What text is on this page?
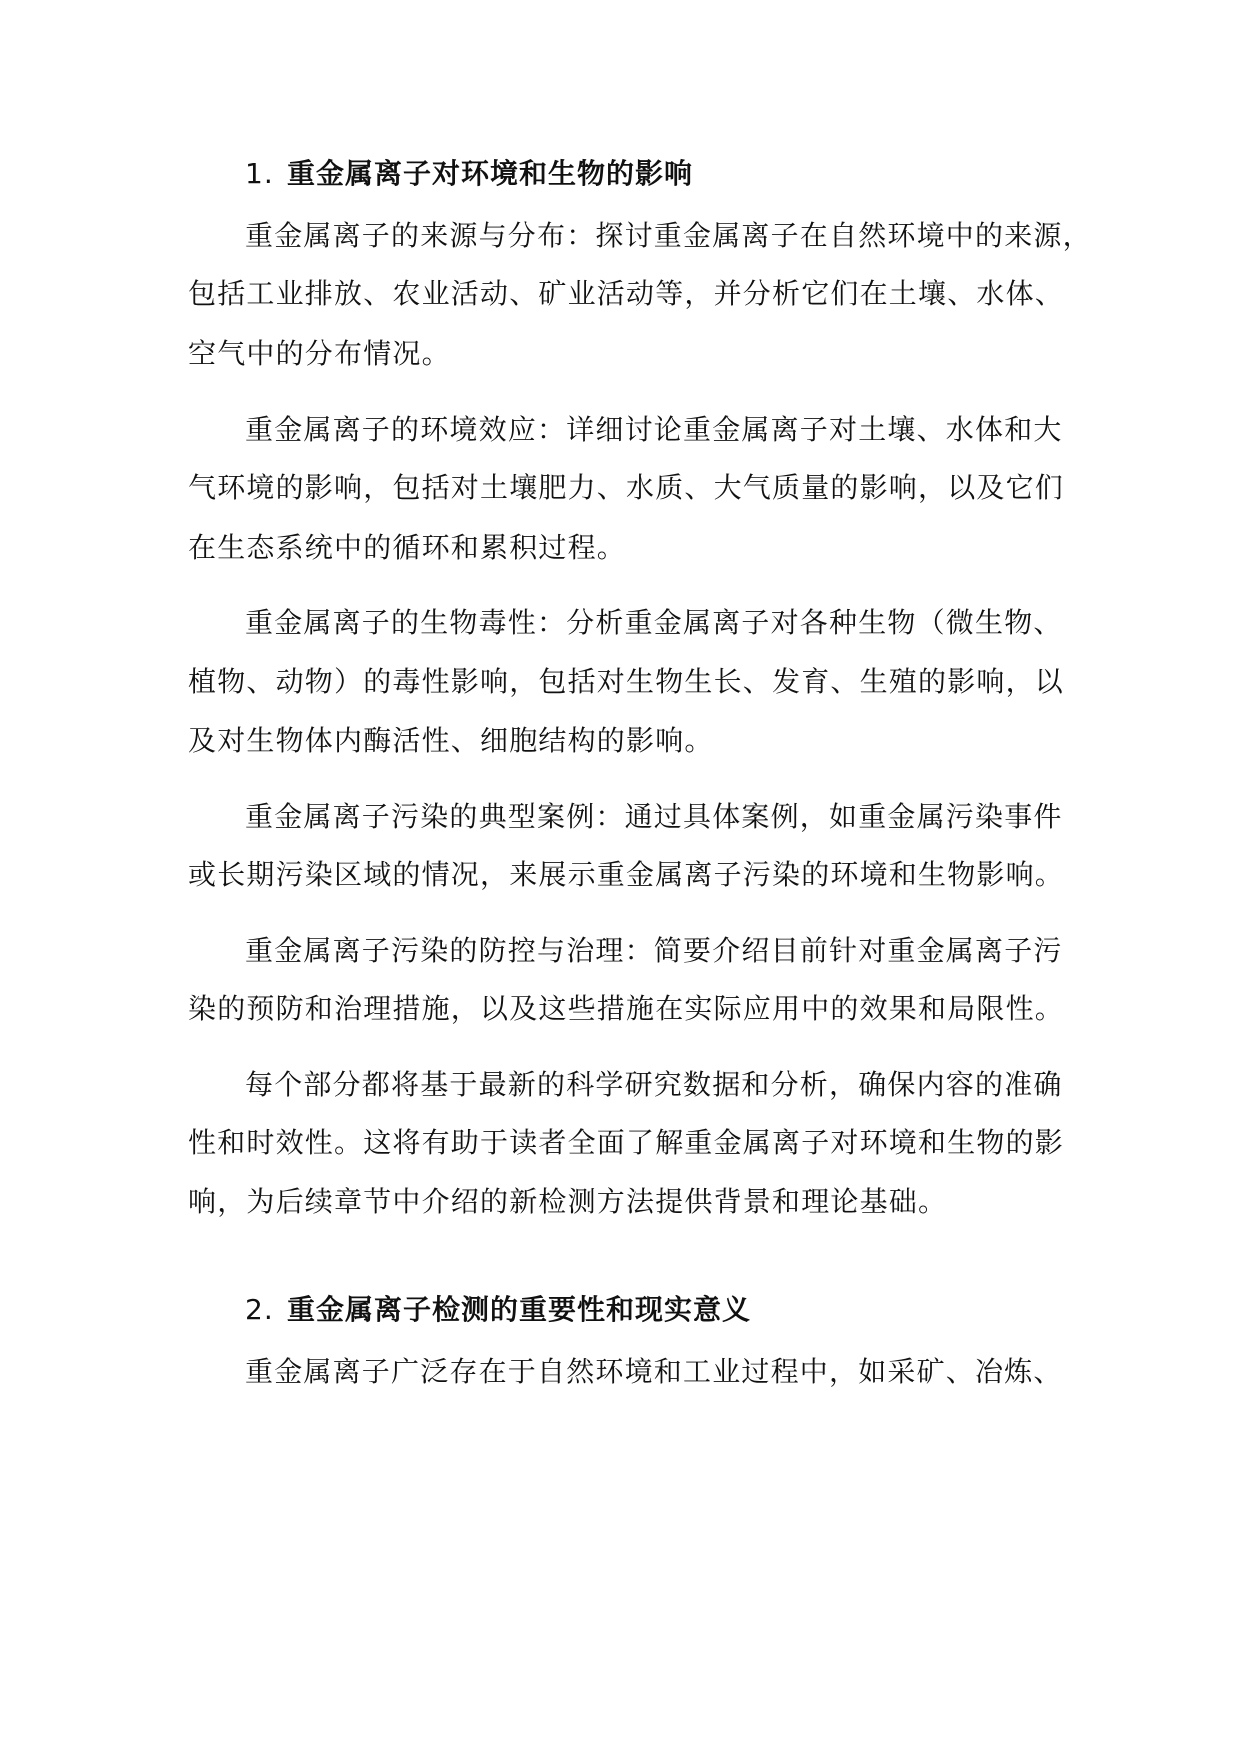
1. 重金属离子对环境和生物的影响
重金属离子的来源与分布：探讨重金属离子在自然环境中的来源，
包括工业排放、农业活动、矿业活动等，并分析它们在土壤、水体、
空气中的分布情况。
重金属离子的环境效应：详细讨论重金属离子对土壤、水体和大
气环境的影响，包括对土壤肥力、水质、大气质量的影响，以及它们
在生态系统中的循环和累积过程。
重金属离子的生物毒性：分析重金属离子对各种生物（微生物、
植物、动物）的毒性影响，包括对生物生长、发育、生殖的影响，以
及对生物体内酶活性、细胞结构的影响。
重金属离子污染的典型案例：通过具体案例，如重金属污染事件
或长期污染区域的情况，来展示重金属离子污染的环境和生物影响。
重金属离子污染的防控与治理：简要介绍目前针对重金属离子污
染的预防和治理措施，以及这些措施在实际应用中的效果和局限性。
每个部分都将基于最新的科学研究数据和分析，确保内容的准确
性和时效性。这将有助于读者全面了解重金属离子对环境和生物的影
响，为后续章节中介绍的新检测方法提供背景和理论基础。
2. 重金属离子检测的重要性和现实意义
重金属离子广泛存在于自然环境和工业过程中，如采矿、冶炼、
